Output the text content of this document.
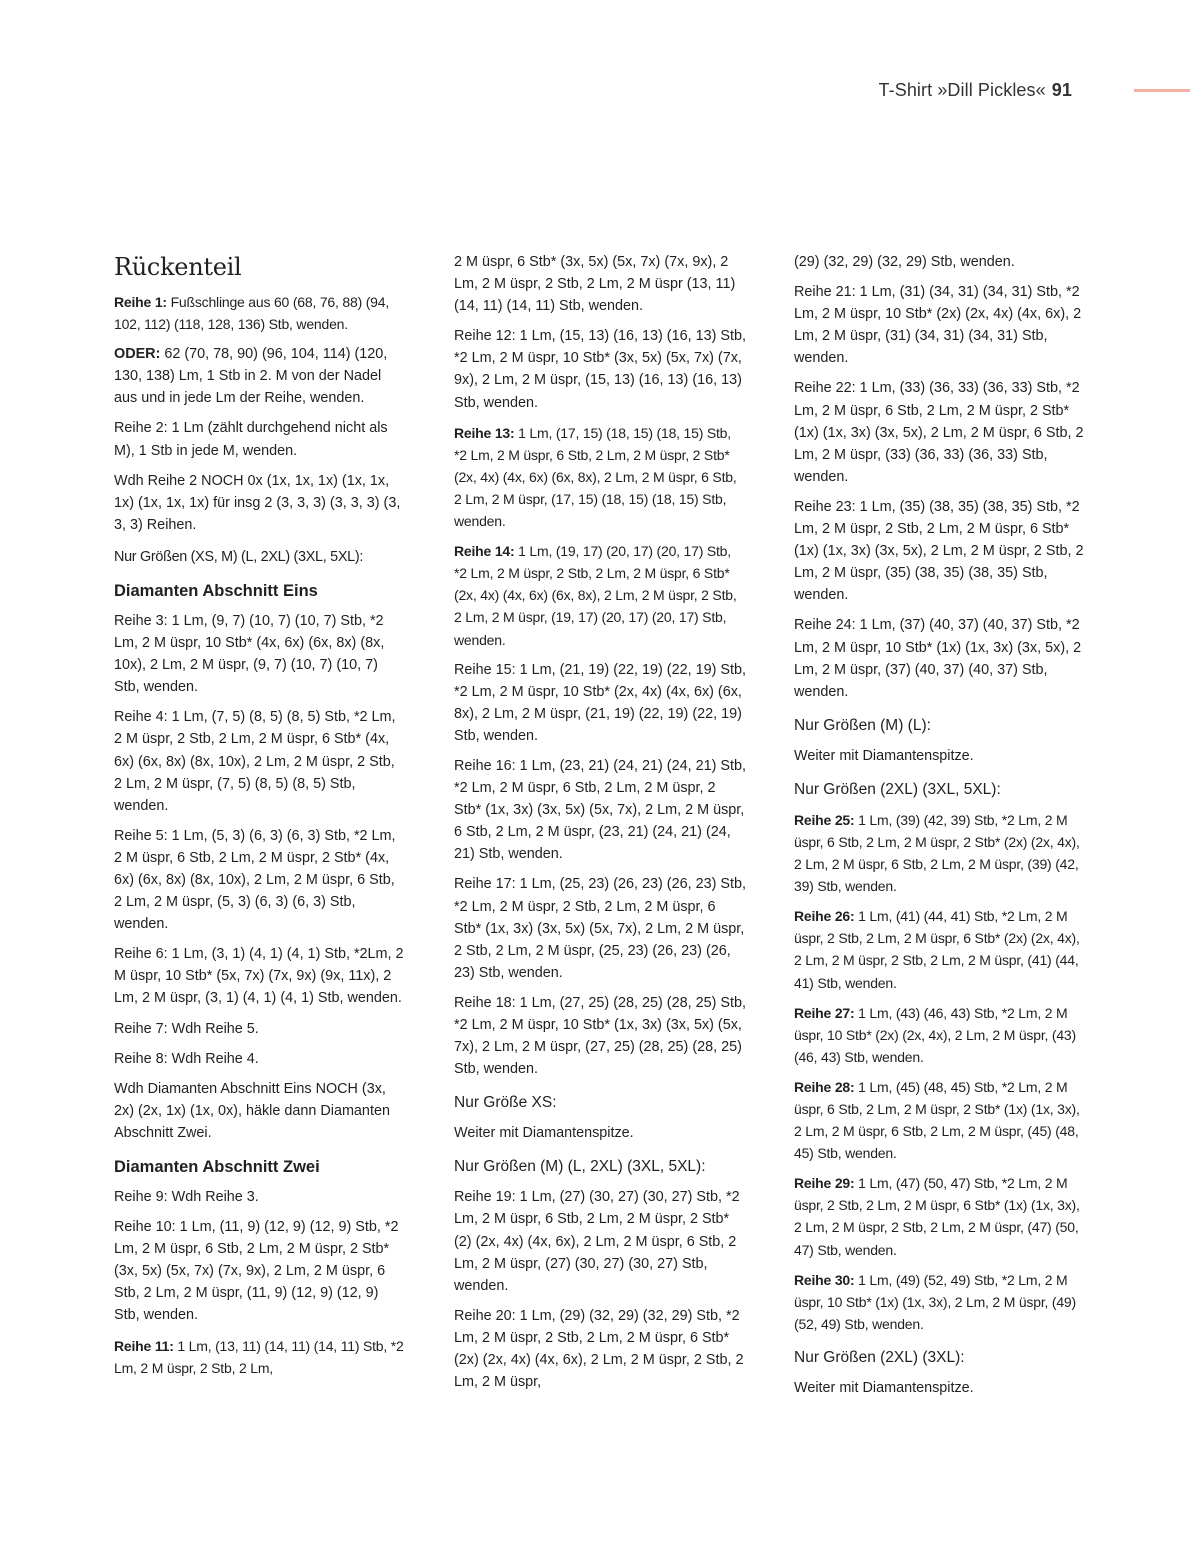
T-Shirt »Dill Pickles« 91
Rückenteil

Reihe 1: Fußschlinge aus 60 (68, 76, 88) (94, 102, 112) (118, 128, 136) Stb, wenden.

ODER: 62 (70, 78, 90) (96, 104, 114) (120, 130, 138) Lm, 1 Stb in 2. M von der Nadel aus und in jede Lm der Reihe, wenden.

Reihe 2: 1 Lm (zählt durchgehend nicht als M), 1 Stb in jede M, wenden.

Wdh Reihe 2 NOCH 0x (1x, 1x, 1x) (1x, 1x, 1x) (1x, 1x, 1x) für insg 2 (3, 3, 3) (3, 3, 3) (3, 3, 3) Reihen.

Nur Größen (XS, M) (L, 2XL) (3XL, 5XL):
Diamanten Abschnitt Eins

Reihe 3: 1 Lm, (9, 7) (10, 7) (10, 7) Stb, *2 Lm, 2 M üspr, 10 Stb* (4x, 6x) (6x, 8x) (8x, 10x), 2 Lm, 2 M üspr, (9, 7) (10, 7) (10, 7) Stb, wenden.

Reihe 4: 1 Lm, (7, 5) (8, 5) (8, 5) Stb, *2 Lm, 2 M üspr, 2 Stb, 2 Lm, 2 M üspr, 6 Stb* (4x, 6x) (6x, 8x) (8x, 10x), 2 Lm, 2 M üspr, 2 Stb, 2 Lm, 2 M üspr, (7, 5) (8, 5) (8, 5) Stb, wenden.

Reihe 5: 1 Lm, (5, 3) (6, 3) (6, 3) Stb, *2 Lm, 2 M üspr, 6 Stb, 2 Lm, 2 M üspr, 2 Stb* (4x, 6x) (6x, 8x) (8x, 10x), 2 Lm, 2 M üspr, 6 Stb, 2 Lm, 2 M üspr, (5, 3) (6, 3) (6, 3) Stb, wenden.

Reihe 6: 1 Lm, (3, 1) (4, 1) (4, 1) Stb, *2Lm, 2 M üspr, 10 Stb* (5x, 7x) (7x, 9x) (9x, 11x), 2 Lm, 2 M üspr, (3, 1) (4, 1) (4, 1) Stb, wenden.

Reihe 7: Wdh Reihe 5.

Reihe 8: Wdh Reihe 4.

Wdh Diamanten Abschnitt Eins NOCH (3x, 2x) (2x, 1x) (1x, 0x), häkle dann Diamanten Abschnitt Zwei.

Diamanten Abschnitt Zwei

Reihe 9: Wdh Reihe 3.

Reihe 10: 1 Lm, (11, 9) (12, 9) (12, 9) Stb, *2 Lm, 2 M üspr, 6 Stb, 2 Lm, 2 M üspr, 2 Stb* (3x, 5x) (5x, 7x) (7x, 9x), 2 Lm, 2 M üspr, 6 Stb, 2 Lm, 2 M üspr, (11, 9) (12, 9) (12, 9) Stb, wenden.

Reihe 11: 1 Lm, (13, 11) (14, 11) (14, 11) Stb, *2 Lm, 2 M üspr, 2 Stb, 2 Lm,

2 M üspr, 6 Stb* (3x, 5x) (5x, 7x) (7x, 9x), 2 Lm, 2 M üspr, 2 Stb, 2 Lm, 2 M üspr (13, 11) (14, 11) (14, 11) Stb, wenden.

Reihe 12: 1 Lm, (15, 13) (16, 13) (16, 13) Stb, *2 Lm, 2 M üspr, 10 Stb* (3x, 5x) (5x, 7x) (7x, 9x), 2 Lm, 2 M üspr, (15, 13) (16, 13) (16, 13) Stb, wenden.

Reihe 13: 1 Lm, (17, 15) (18, 15) (18, 15) Stb, *2 Lm, 2 M üspr, 6 Stb, 2 Lm, 2 M üspr, 2 Stb* (2x, 4x) (4x, 6x) (6x, 8x), 2 Lm, 2 M üspr, 6 Stb, 2 Lm, 2 M üspr, (17, 15) (18, 15) (18, 15) Stb, wenden.

Reihe 14: 1 Lm, (19, 17) (20, 17) (20, 17) Stb, *2 Lm, 2 M üspr, 2 Stb, 2 Lm, 2 M üspr, 6 Stb* (2x, 4x) (4x, 6x) (6x, 8x), 2 Lm, 2 M üspr, 2 Stb, 2 Lm, 2 M üspr, (19, 17) (20, 17) (20, 17) Stb, wenden.

Reihe 15: 1 Lm, (21, 19) (22, 19) (22, 19) Stb, *2 Lm, 2 M üspr, 10 Stb* (2x, 4x) (4x, 6x) (6x, 8x), 2 Lm, 2 M üspr, (21, 19) (22, 19) (22, 19) Stb, wenden.

Reihe 16: 1 Lm, (23, 21) (24, 21) (24, 21) Stb, *2 Lm, 2 M üspr, 6 Stb, 2 Lm, 2 M üspr, 2 Stb* (1x, 3x) (3x, 5x) (5x, 7x), 2 Lm, 2 M üspr, 6 Stb, 2 Lm, 2 M üspr, (23, 21) (24, 21) (24, 21) Stb, wenden.

Reihe 17: 1 Lm, (25, 23) (26, 23) (26, 23) Stb, *2 Lm, 2 M üspr, 2 Stb, 2 Lm, 2 M üspr, 6 Stb* (1x, 3x) (3x, 5x) (5x, 7x), 2 Lm, 2 M üspr, 2 Stb, 2 Lm, 2 M üspr, (25, 23) (26, 23) (26, 23) Stb, wenden.

Reihe 18: 1 Lm, (27, 25) (28, 25) (28, 25) Stb, *2 Lm, 2 M üspr, 10 Stb* (1x, 3x) (3x, 5x) (5x, 7x), 2 Lm, 2 M üspr, (27, 25) (28, 25) (28, 25) Stb, wenden.

Nur Größe XS:

Weiter mit Diamantenspitze.

Nur Größen (M) (L, 2XL) (3XL, 5XL):

Reihe 19: 1 Lm, (27) (30, 27) (30, 27) Stb, *2 Lm, 2 M üspr, 6 Stb, 2 Lm, 2 M üspr, 2 Stb* (2) (2x, 4x) (4x, 6x), 2 Lm, 2 M üspr, 6 Stb, 2 Lm, 2 M üspr, (27) (30, 27) (30, 27) Stb, wenden.

Reihe 20: 1 Lm, (29) (32, 29) (32, 29) Stb, *2 Lm, 2 M üspr, 2 Stb, 2 Lm, 2 M üspr, 6 Stb* (2x) (2x, 4x) (4x, 6x), 2 Lm, 2 M üspr, 2 Stb, 2 Lm, 2 M üspr,

(29) (32, 29) (32, 29) Stb, wenden.

Reihe 21: 1 Lm, (31) (34, 31) (34, 31) Stb, *2 Lm, 2 M üspr, 10 Stb* (2x) (2x, 4x) (4x, 6x), 2 Lm, 2 M üspr, (31) (34, 31) (34, 31) Stb, wenden.

Reihe 22: 1 Lm, (33) (36, 33) (36, 33) Stb, *2 Lm, 2 M üspr, 6 Stb, 2 Lm, 2 M üspr, 2 Stb* (1x) (1x, 3x) (3x, 5x), 2 Lm, 2 M üspr, 6 Stb, 2 Lm, 2 M üspr, (33) (36, 33) (36, 33) Stb, wenden.

Reihe 23: 1 Lm, (35) (38, 35) (38, 35) Stb, *2 Lm, 2 M üspr, 2 Stb, 2 Lm, 2 M üspr, 6 Stb* (1x) (1x, 3x) (3x, 5x), 2 Lm, 2 M üspr, 2 Stb, 2 Lm, 2 M üspr, (35) (38, 35) (38, 35) Stb, wenden.

Reihe 24: 1 Lm, (37) (40, 37) (40, 37) Stb, *2 Lm, 2 M üspr, 10 Stb* (1x) (1x, 3x) (3x, 5x), 2 Lm, 2 M üspr, (37) (40, 37) (40, 37) Stb, wenden.

Nur Größen (M) (L):

Weiter mit Diamantenspitze.

Nur Größen (2XL) (3XL, 5XL):

Reihe 25: 1 Lm, (39) (42, 39) Stb, *2 Lm, 2 M üspr, 6 Stb, 2 Lm, 2 M üspr, 2 Stb* (2x) (2x, 4x), 2 Lm, 2 M üspr, 6 Stb, 2 Lm, 2 M üspr, (39) (42, 39) Stb, wenden.

Reihe 26: 1 Lm, (41) (44, 41) Stb, *2 Lm, 2 M üspr, 2 Stb, 2 Lm, 2 M üspr, 6 Stb* (2x) (2x, 4x), 2 Lm, 2 M üspr, 2 Stb, 2 Lm, 2 M üspr, (41) (44, 41) Stb, wenden.

Reihe 27: 1 Lm, (43) (46, 43) Stb, *2 Lm, 2 M üspr, 10 Stb* (2x) (2x, 4x), 2 Lm, 2 M üspr, (43) (46, 43) Stb, wenden.

Reihe 28: 1 Lm, (45) (48, 45) Stb, *2 Lm, 2 M üspr, 6 Stb, 2 Lm, 2 M üspr, 2 Stb* (1x) (1x, 3x), 2 Lm, 2 M üspr, 6 Stb, 2 Lm, 2 M üspr, (45) (48, 45) Stb, wenden.

Reihe 29: 1 Lm, (47) (50, 47) Stb, *2 Lm, 2 M üspr, 2 Stb, 2 Lm, 2 M üspr, 6 Stb* (1x) (1x, 3x), 2 Lm, 2 M üspr, 2 Stb, 2 Lm, 2 M üspr, (47) (50, 47) Stb, wenden.

Reihe 30: 1 Lm, (49) (52, 49) Stb, *2 Lm, 2 M üspr, 10 Stb* (1x) (1x, 3x), 2 Lm, 2 M üspr, (49) (52, 49) Stb, wenden.

Nur Größen (2XL) (3XL):

Weiter mit Diamantenspitze.
